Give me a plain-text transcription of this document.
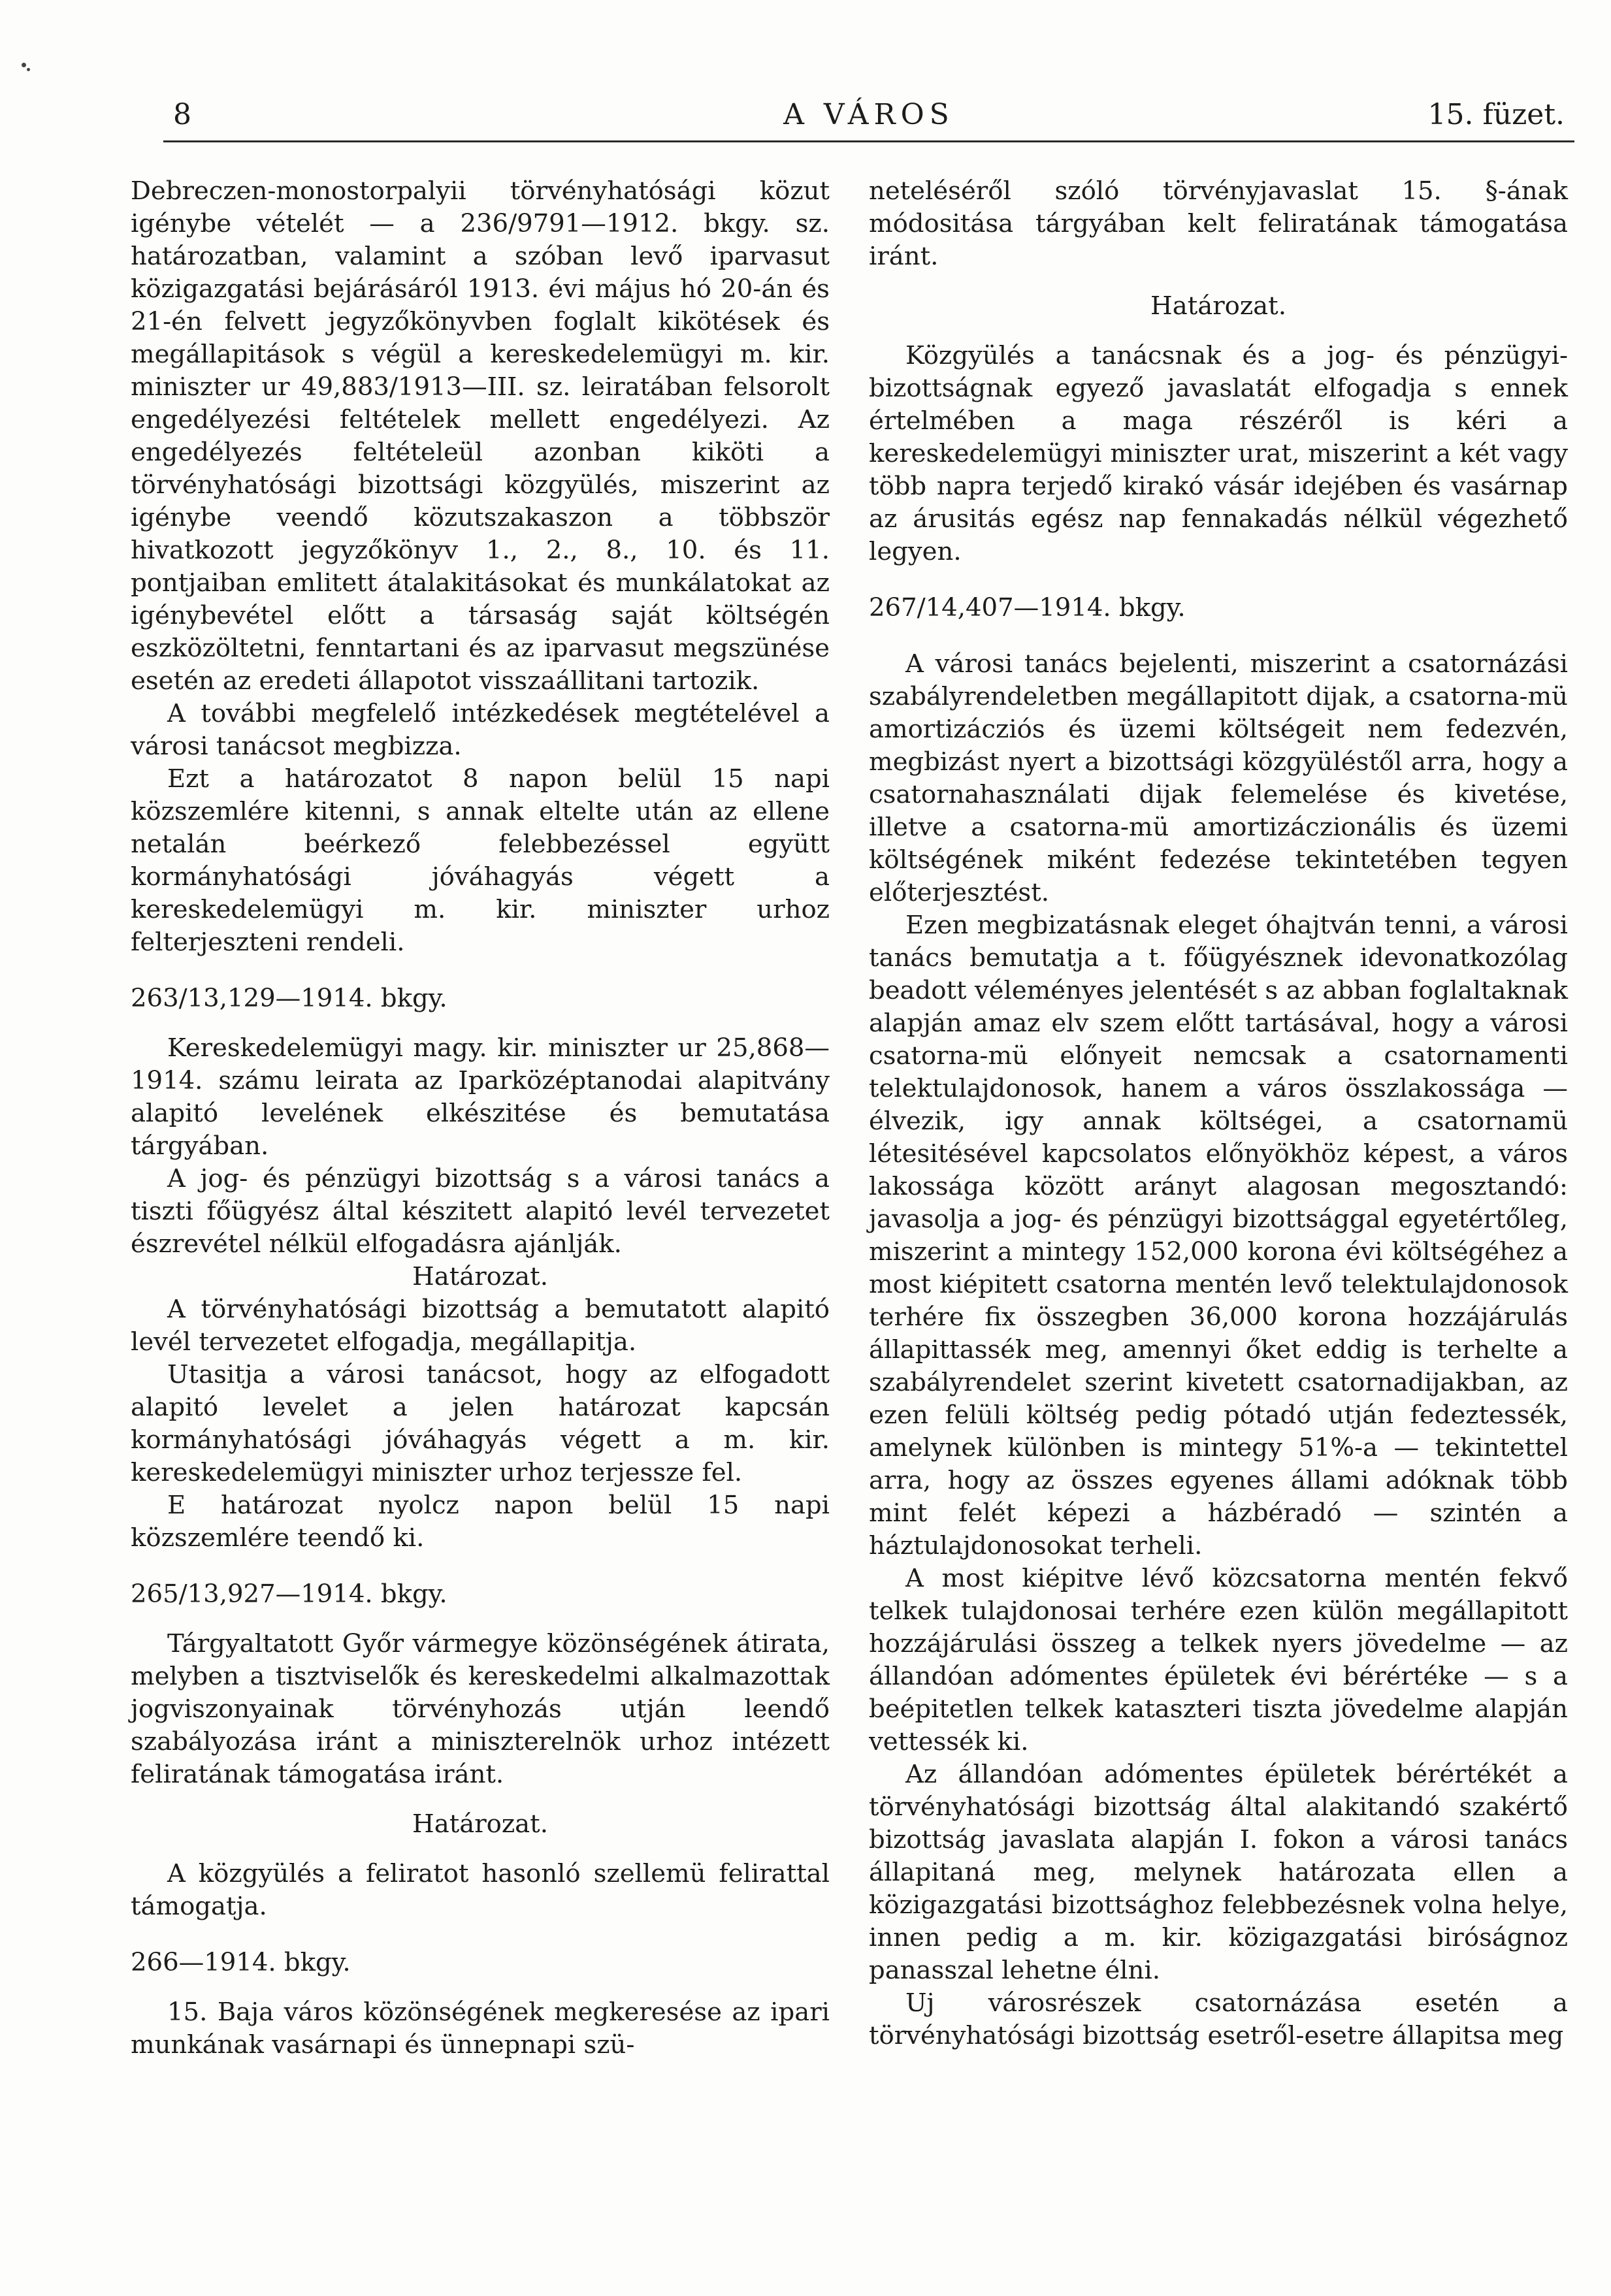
8	A VÁROS	15. füzet.

Debreczen-monostorpalyii törvényhatósági közut igénybe vételét — a 236/9791—1912. bkgy. sz. határozatban, valamint a szóban levő iparvasut közigazgatási bejárásáról 1913. évi május hó 20-án és 21-én felvett jegyzőkönyvben foglalt kikötések és megállapitások s végül a kereskedelemügyi m. kir. miniszter ur 49,883/1913—III. sz. leiratában felsorolt engedélyezési feltételek mellett engedélyezi. Az engedélyezés feltételeül azonban kiköti a törvényhatósági bizottsági közgyülés, miszerint az igénybe veendő közutszakaszon a többször hivatkozott jegyzőkönyv 1., 2., 8., 10. és 11. pontjaiban emlitett átalakitásokat és munkálatokat az igénybevétel előtt a társaság saját költségén eszközöltetni, fenntartani és az iparvasut megszünése esetén az eredeti állapotot visszaállitani tartozik.

A további megfelelő intézkedések megtételével a városi tanácsot megbizza.

Ezt a határozatot 8 napon belül 15 napi közszemlére kitenni, s annak eltelte után az ellene netalán beérkező felebbezéssel együtt kormányhatósági jóváhagyás végett a kereskedelemügyi m. kir. miniszter urhoz felterjeszteni rendeli.

263/13,129—1914. bkgy.

Kereskedelemügyi magy. kir. miniszter ur 25,868—1914. számu leirata az Iparközéptanodai alapitvány alapitó levelének elkészitése és bemutatása tárgyában.

A jog- és pénzügyi bizottság s a városi tanács a tiszti főügyész által készitett alapitó levél tervezetet észrevétel nélkül elfogadásra ajánlják.

Határozat.

A törvényhatósági bizottság a bemutatott alapitó levél tervezetet elfogadja, megállapitja.

Utasitja a városi tanácsot, hogy az elfogadott alapitó levelet a jelen határozat kapcsán kormányhatósági jóváhagyás végett a m. kir. kereskedelemügyi miniszter urhoz terjessze fel.

E határozat nyolcz napon belül 15 napi közszemlére teendő ki.

265/13,927—1914. bkgy.

Tárgyaltatott Győr vármegye közönségének átirata, melyben a tisztviselők és kereskedelmi alkalmazottak jogviszonyainak törvényhozás utján leendő szabályozása iránt a miniszterelnök urhoz intézett feliratának támogatása iránt.

Határozat.

A közgyülés a feliratot hasonló szellemü felirattal támogatja.

266—1914. bkgy.

15. Baja város közönségének megkeresése az ipari munkának vasárnapi és ünnepnapi szü-

neteléséről szóló törvényjavaslat 15. §-ának módositása tárgyában kelt feliratának támogatása iránt.

Határozat.

Közgyülés a tanácsnak és a jog- és pénzügyi-bizottságnak egyező javaslatát elfogadja s ennek értelmében a maga részéről is kéri a kereskedelemügyi miniszter urat, miszerint a két vagy több napra terjedő kirakó vásár idejében és vasárnap az árusitás egész nap fennakadás nélkül végezhető legyen.

267/14,407—1914. bkgy.

A városi tanács bejelenti, miszerint a csatornázási szabályrendeletben megállapitott dijak, a csatorna-mü amortizácziós és üzemi költségeit nem fedezvén, megbizást nyert a bizottsági közgyüléstől arra, hogy a csatornahasználati dijak felemelése és kivetése, illetve a csatorna-mü amortizáczionális és üzemi költségének miként fedezése tekintetében tegyen előterjesztést.

Ezen megbizatásnak eleget óhajtván tenni, a városi tanács bemutatja a t. főügyésznek idevonatkozólag beadott véleményes jelentését s az abban foglaltaknak alapján amaz elv szem előtt tartásával, hogy a városi csatorna-mü előnyeit nemcsak a csatornamenti telektulajdonosok, hanem a város összlakossága — élvezik, igy annak költségei, a csatornamü létesitésével kapcsolatos előnyökhöz képest, a város lakossága között arányt alagosan megosztandó: javasolja a jog- és pénzügyi bizottsággal egyetértőleg, miszerint a mintegy 152,000 korona évi költségéhez a most kiépitett csatorna mentén levő telektulajdonosok terhére fix összegben 36,000 korona hozzájárulás állapittassék meg, amennyi őket eddig is terhelte a szabályrendelet szerint kivetett csatornadijakban, az ezen felüli költség pedig pótadó utján fedeztessék, amelynek különben is mintegy 51%-a — tekintettel arra, hogy az összes egyenes állami adóknak több mint felét képezi a házbéradó — szintén a háztulajdonosokat terheli.

A most kiépitve lévő közcsatorna mentén fekvő telkek tulajdonosai terhére ezen külön megállapitott hozzájárulási összeg a telkek nyers jövedelme — az állandóan adómentes épületek évi bérértéke — s a beépitetlen telkek kataszteri tiszta jövedelme alapján vettessék ki.

Az állandóan adómentes épületek bérértékét a törvényhatósági bizottság által alakitandó szakértő bizottság javaslata alapján I. fokon a városi tanács állapitaná meg, melynek határozata ellen a közigazgatási bizottsághoz felebbezésnek volna helye, innen pedig a m. kir. közigazgatási biróságnoz panasszal lehetne élni.

Uj városrészek csatornázása esetén a törvényhatósági bizottság esetről-esetre állapitsa meg
